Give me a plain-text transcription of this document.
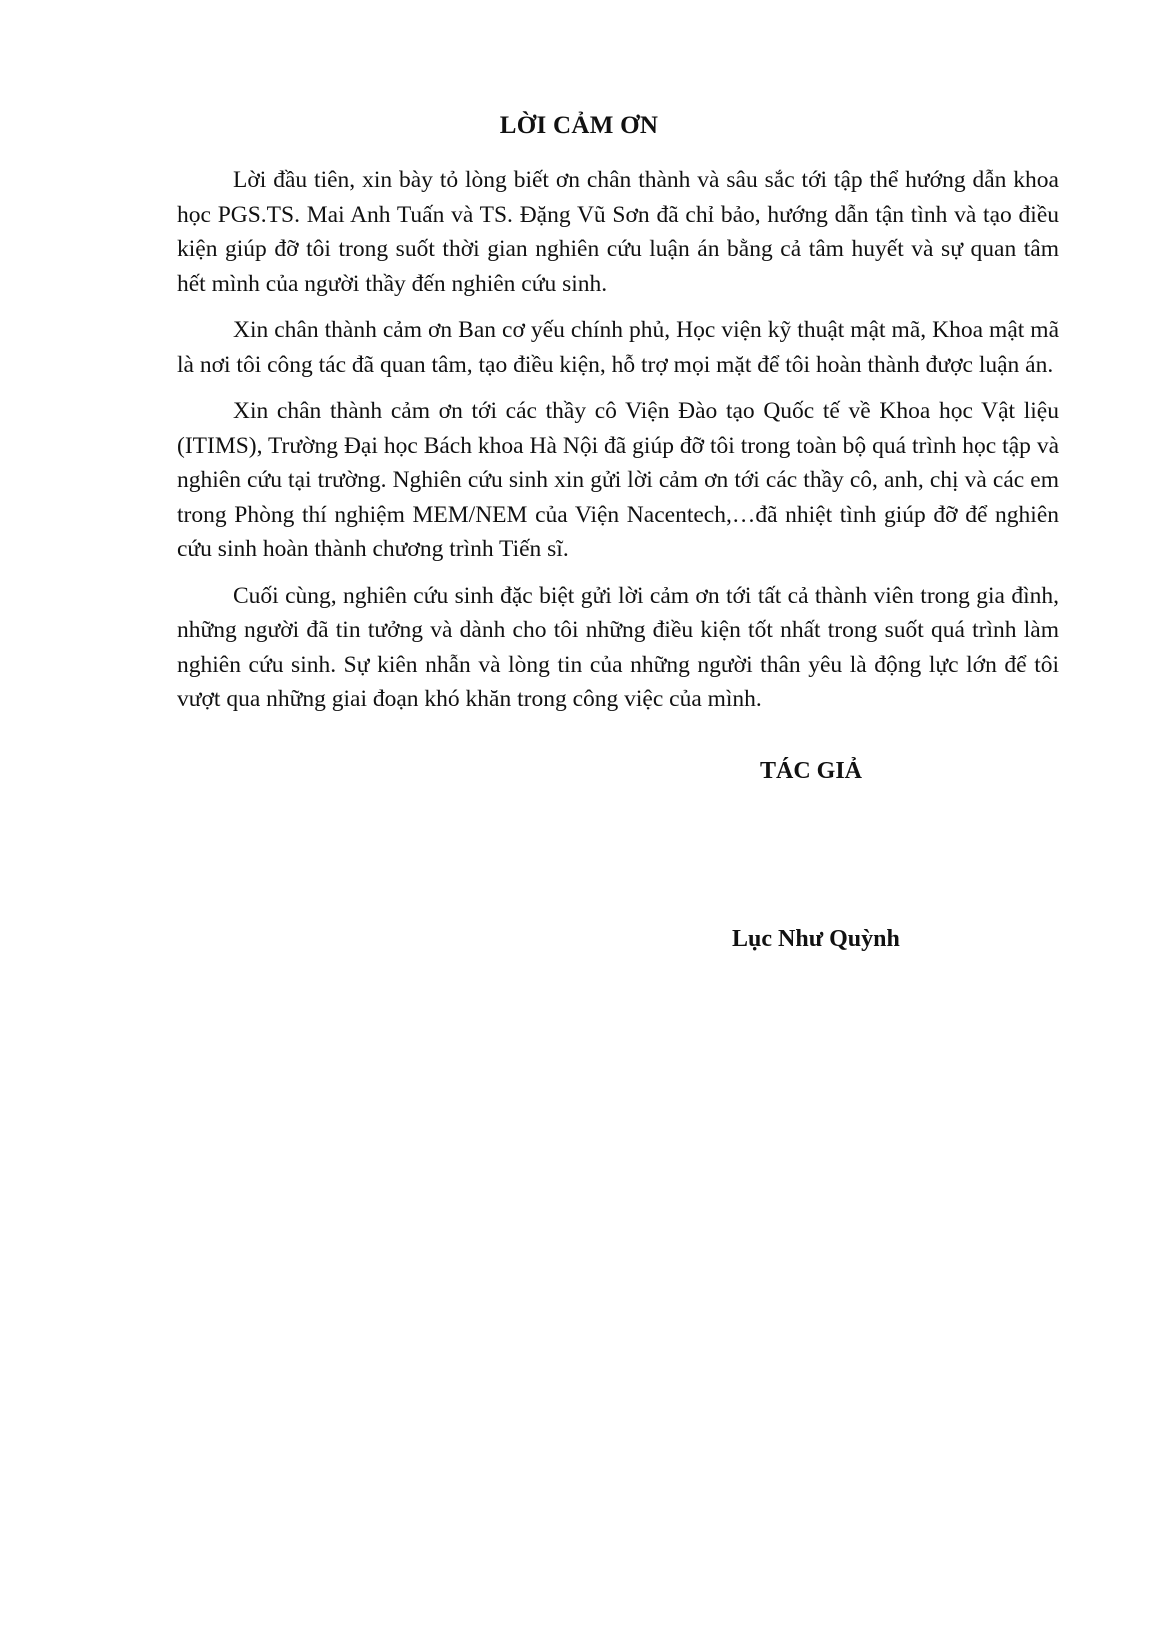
LỜI CẢM ƠN

Lời đầu tiên, xin bày tỏ lòng biết ơn chân thành và sâu sắc tới tập thể hướng dẫn khoa học PGS.TS. Mai Anh Tuấn và TS. Đặng Vũ Sơn đã chỉ bảo, hướng dẫn tận tình và tạo điều kiện giúp đỡ tôi trong suốt thời gian nghiên cứu luận án bằng cả tâm huyết và sự quan tâm hết mình của người thầy đến nghiên cứu sinh.

Xin chân thành cảm ơn Ban cơ yếu chính phủ, Học viện kỹ thuật mật mã, Khoa mật mã là nơi tôi công tác đã quan tâm, tạo điều kiện, hỗ trợ mọi mặt để tôi hoàn thành được luận án.

Xin chân thành cảm ơn tới các thầy cô Viện Đào tạo Quốc tế về Khoa học Vật liệu (ITIMS), Trường Đại học Bách khoa Hà Nội đã giúp đỡ tôi trong toàn bộ quá trình học tập và nghiên cứu tại trường. Nghiên cứu sinh xin gửi lời cảm ơn tới các thầy cô, anh, chị và các em trong Phòng thí nghiệm MEM/NEM của Viện Nacentech,…đã nhiệt tình giúp đỡ để nghiên cứu sinh hoàn thành chương trình Tiến sĩ.

Cuối cùng, nghiên cứu sinh đặc biệt gửi lời cảm ơn tới tất cả thành viên trong gia đình, những người đã tin tưởng và dành cho tôi những điều kiện tốt nhất trong suốt quá trình làm nghiên cứu sinh. Sự kiên nhẫn và lòng tin của những người thân yêu là động lực lớn để tôi vượt qua những giai đoạn khó khăn trong công việc của mình.

TÁC GIẢ
Lục Như Quỳnh
